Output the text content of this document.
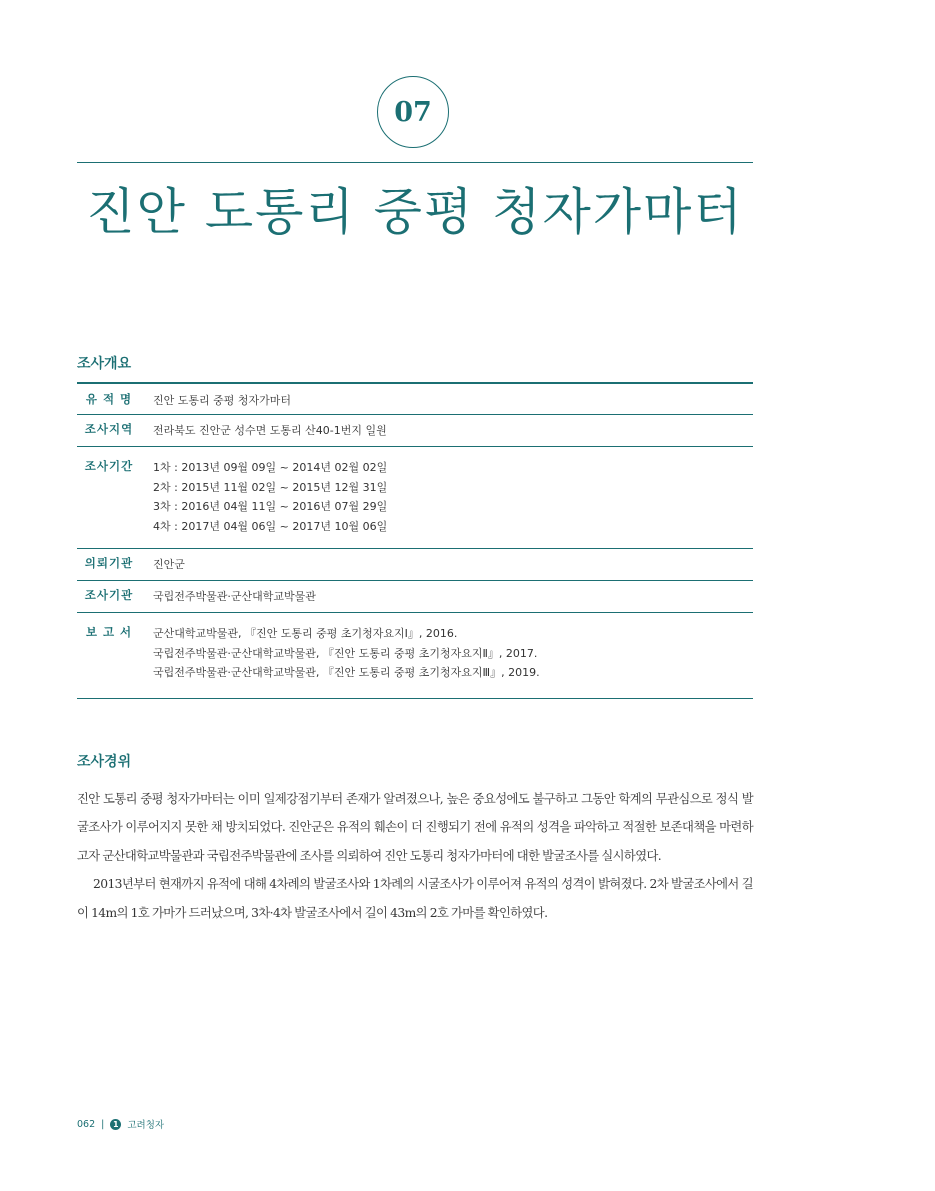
07
진안 도통리 중평 청자가마터
조사개요
유 적 명	진안 도통리 중평 청자가마터
조사지역	전라북도 진안군 성수면 도통리 산40-1번지 일원
조사기간	1차 : 2013년 09월 09일 ~ 2014년 02월 02일
2차 : 2015년 11월 02일 ~ 2015년 12월 31일
3차 : 2016년 04월 11일 ~ 2016년 07월 29일
4차 : 2017년 04월 06일 ~ 2017년 10월 06일
의뢰기관	진안군
조사기관	국립전주박물관·군산대학교박물관
보 고 서	군산대학교박물관, 『진안 도통리 중평 초기청자요지Ⅰ』, 2016.
국립전주박물관·군산대학교박물관, 『진안 도통리 중평 초기청자요지Ⅱ』, 2017.
국립전주박물관·군산대학교박물관, 『진안 도통리 중평 초기청자요지Ⅲ』, 2019.
조사경위

진안 도통리 중평 청자가마터는 이미 일제강점기부터 존재가 알려졌으나, 높은 중요성에도 불구하고 그동안 학계의 무관심으로 정식 발굴조사가 이루어지지 못한 채 방치되었다. 진안군은 유적의 훼손이 더 진행되기 전에 유적의 성격을 파악하고 적절한 보존대책을 마련하고자 군산대학교박물관과 국립전주박물관에 조사를 의뢰하여 진안 도통리 청자가마터에 대한 발굴조사를 실시하였다.

2013년부터 현재까지 유적에 대해 4차례의 발굴조사와 1차례의 시굴조사가 이루어져 유적의 성격이 밝혀졌다. 2차 발굴조사에서 길이 14m의 1호 가마가 드러났으며, 3차·4차 발굴조사에서 길이 43m의 2호 가마를 확인하였다.

062 |	1 고려청자
